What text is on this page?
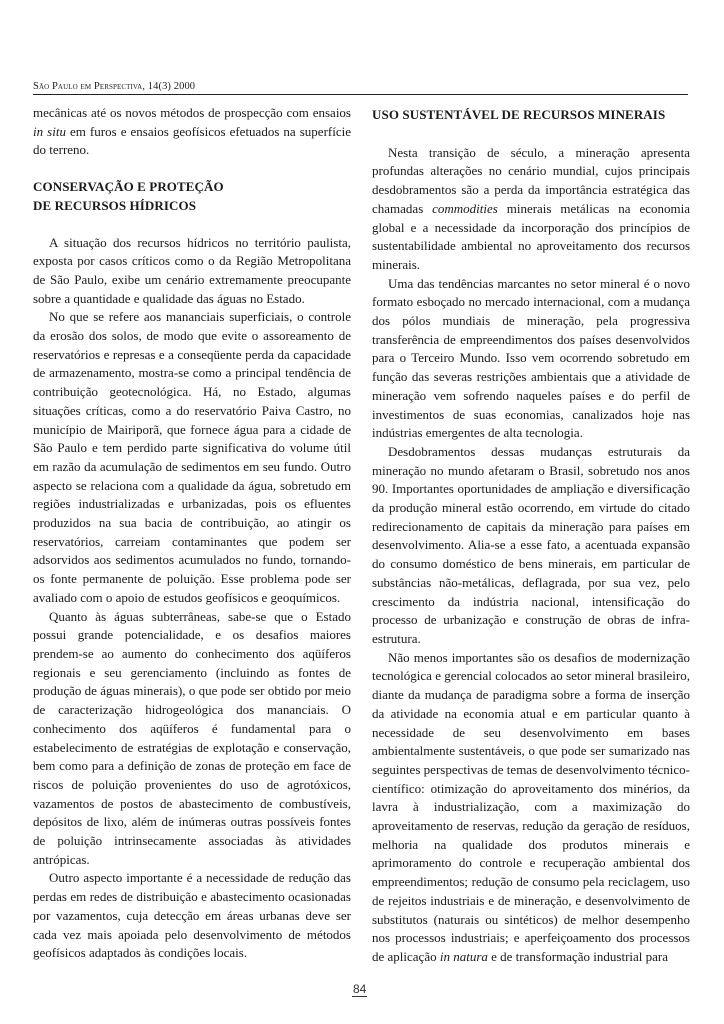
São Paulo em Perspectiva, 14(3) 2000

mecânicas até os novos métodos de prospecção com ensaios in situ em furos e ensaios geofísicos efetuados na superfície do terreno.

CONSERVAÇÃO E PROTEÇÃO
DE RECURSOS HÍDRICOS

A situação dos recursos hídricos no território paulista, exposta por casos críticos como o da Região Metropolitana de São Paulo, exibe um cenário extremamente preocupante sobre a quantidade e qualidade das águas no Estado.

No que se refere aos mananciais superficiais, o controle da erosão dos solos, de modo que evite o assoreamento de reservatórios e represas e a conseqüente perda da capacidade de armazenamento, mostra-se como a principal tendência de contribuição geotecnológica. Há, no Estado, algumas situações críticas, como a do reservatório Paiva Castro, no município de Mairiporã, que fornece água para a cidade de São Paulo e tem perdido parte significativa do volume útil em razão da acumulação de sedimentos em seu fundo. Outro aspecto se relaciona com a qualidade da água, sobretudo em regiões industrializadas e urbanizadas, pois os efluentes produzidos na sua bacia de contribuição, ao atingir os reservatórios, carreiam contaminantes que podem ser adsorvidos aos sedimentos acumulados no fundo, tornando-os fonte permanente de poluição. Esse problema pode ser avaliado com o apoio de estudos geofísicos e geoquímicos.

Quanto às águas subterrâneas, sabe-se que o Estado possui grande potencialidade, e os desafios maiores prendem-se ao aumento do conhecimento dos aqüíferos regionais e seu gerenciamento (incluindo as fontes de produção de águas minerais), o que pode ser obtido por meio de caracterização hidrogeológica dos mananciais. O conhecimento dos aqüíferos é fundamental para o estabelecimento de estratégias de explotação e conservação, bem como para a definição de zonas de proteção em face de riscos de poluição provenientes do uso de agrotóxicos, vazamentos de postos de abastecimento de combustíveis, depósitos de lixo, além de inúmeras outras possíveis fontes de poluição intrinsecamente associadas às atividades antrópicas.

Outro aspecto importante é a necessidade de redução das perdas em redes de distribuição e abastecimento ocasionadas por vazamentos, cuja detecção em áreas urbanas deve ser cada vez mais apoiada pelo desenvolvimento de métodos geofísicos adaptados às condições locais.

USO SUSTENTÁVEL DE RECURSOS MINERAIS

Nesta transição de século, a mineração apresenta profundas alterações no cenário mundial, cujos principais desdobramentos são a perda da importância estratégica das chamadas commodities minerais metálicas na economia global e a necessidade da incorporação dos princípios de sustentabilidade ambiental no aproveitamento dos recursos minerais.

Uma das tendências marcantes no setor mineral é o novo formato esboçado no mercado internacional, com a mudança dos pólos mundiais de mineração, pela progressiva transferência de empreendimentos dos países desenvolvidos para o Terceiro Mundo. Isso vem ocorrendo sobretudo em função das severas restrições ambientais que a atividade de mineração vem sofrendo naqueles países e do perfil de investimentos de suas economias, canalizados hoje nas indústrias emergentes de alta tecnologia.

Desdobramentos dessas mudanças estruturais da mineração no mundo afetaram o Brasil, sobretudo nos anos 90. Importantes oportunidades de ampliação e diversificação da produção mineral estão ocorrendo, em virtude do citado redirecionamento de capitais da mineração para países em desenvolvimento. Alia-se a esse fato, a acentuada expansão do consumo doméstico de bens minerais, em particular de substâncias não-metálicas, deflagrada, por sua vez, pelo crescimento da indústria nacional, intensificação do processo de urbanização e construção de obras de infra-estrutura.

Não menos importantes são os desafios de modernização tecnológica e gerencial colocados ao setor mineral brasileiro, diante da mudança de paradigma sobre a forma de inserção da atividade na economia atual e em particular quanto à necessidade de seu desenvolvimento em bases ambientalmente sustentáveis, o que pode ser sumarizado nas seguintes perspectivas de temas de desenvolvimento técnico-científico: otimização do aproveitamento dos minérios, da lavra à industrialização, com a maximização do aproveitamento de reservas, redução da geração de resíduos, melhoria na qualidade dos produtos minerais e aprimoramento do controle e recuperação ambiental dos empreendimentos; redução de consumo pela reciclagem, uso de rejeitos industriais e de mineração, e desenvolvimento de substitutos (naturais ou sintéticos) de melhor desempenho nos processos industriais; e aperfeiçoamento dos processos de aplicação in natura e de transformação industrial para

84
